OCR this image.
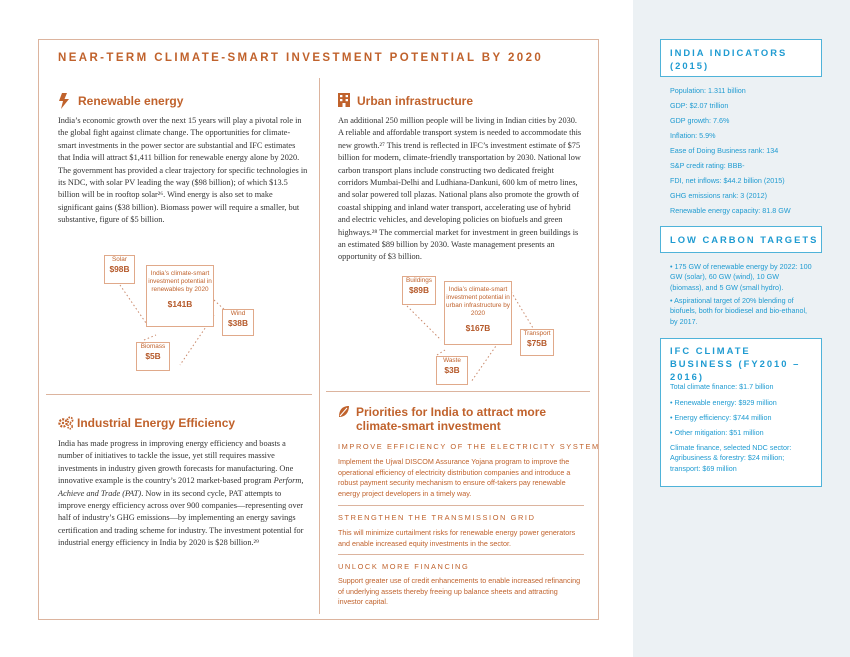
NEAR-TERM CLIMATE-SMART INVESTMENT POTENTIAL BY 2020
Renewable energy
India’s economic growth over the next 15 years will play a pivotal role in the global fight against climate change. The opportunities for climate-smart investments in the power sector are substantial and IFC estimates that India will attract $1,411 billion for renewable energy alone by 2020. The government has provided a clear trajectory for specific technologies in its NDC, with solar PV leading the way ($98 billion); of which $13.5 billion will be in rooftop solar²⁶. Wind energy is also set to make significant gains ($38 billion). Biomass power will require a smaller, but substantive, figure of $5 billion.
Solar
$98B	India’s climate-smart investment potential in renewables by 2020
$141B
Wind
$38B
Biomass
$5B
Industrial Energy Efficiency
India has made progress in improving energy efficiency and boasts a number of initiatives to tackle the issue, yet still requires massive investments in industry given growth forecasts for manufacturing. One innovative example is the country’s 2012 market-based program Perform, Achieve and Trade (PAT). Now in its second cycle, PAT attempts to improve energy efficiency across over 900 companies—representing over half of industry’s GHG emissions—by implementing an energy savings certification and trading scheme for industry. The investment potential for industrial energy efficiency in India by 2020 is $28 billion.²⁹
Urban infrastructure
An additional 250 million people will be living in Indian cities by 2030. A reliable and affordable transport system is needed to accommodate this new growth.²⁷ This trend is reflected in IFC’s investment estimate of $75 billion for modern, climate-friendly transportation by 2030. National low carbon transport plans include constructing two dedicated freight corridors Mumbai-Delhi and Ludhiana-Dankuni, 600 km of metro lines, and solar powered toll plazas. National plans also promote the growth of coastal shipping and inland water transport, accelerating use of hybrid and electric vehicles, and developing policies on biofuels and green highways.²⁸ The commercial market for investment in green buildings is an estimated $89 billion by 2030. Waste management presents an opportunity of $3 billion.
Buildings
$89B	India’s climate-smart investment potential in urban infrastructure by 2020
$167B
Transport
$75B
Waste
$3B
Priorities for India to attract more climate-smart investment
IMPROVE EFFICIENCY OF THE ELECTRICITY SYSTEM
Implement the Ujwal DISCOM Assurance Yojana program to improve the operational efficiency of electricity distribution companies and introduce a robust payment security mechanism to ensure off-takers pay renewable energy project developers in a timely way.
STRENGTHEN THE TRANSMISSION GRID
This will minimize curtailment risks for renewable energy power generators and enable increased equity investments in the sector.
UNLOCK MORE FINANCING
Support greater use of credit enhancements to enable increased refinancing of underlying assets thereby freeing up balance sheets and attracting investor capital.
INDIA INDICATORS (2015)
Population: 1.311 billion
GDP: $2.07 trillion
GDP growth: 7.6%
Inflation: 5.9%
Ease of Doing Business rank: 134
S&P credit rating: BBB-
FDI, net inflows: $44.2 billion (2015)
GHG emissions rank: 3 (2012)
Renewable energy capacity: 81.8 GW
LOW CARBON TARGETS
• 175 GW of renewable energy by 2022: 100 GW (solar), 60 GW (wind), 10 GW (biomass), and 5 GW (small hydro).
• Aspirational target of 20% blending of biofuels, both for biodiesel and bio-ethanol, by 2017.
IFC CLIMATE BUSINESS (FY2010 – 2016)
Total climate finance: $1.7 billion
• Renewable energy: $929 million
• Energy efficiency: $744 million
• Other mitigation: $51 million
Climate finance, selected NDC sector: Agribusiness & forestry: $24 million; transport: $69 million
